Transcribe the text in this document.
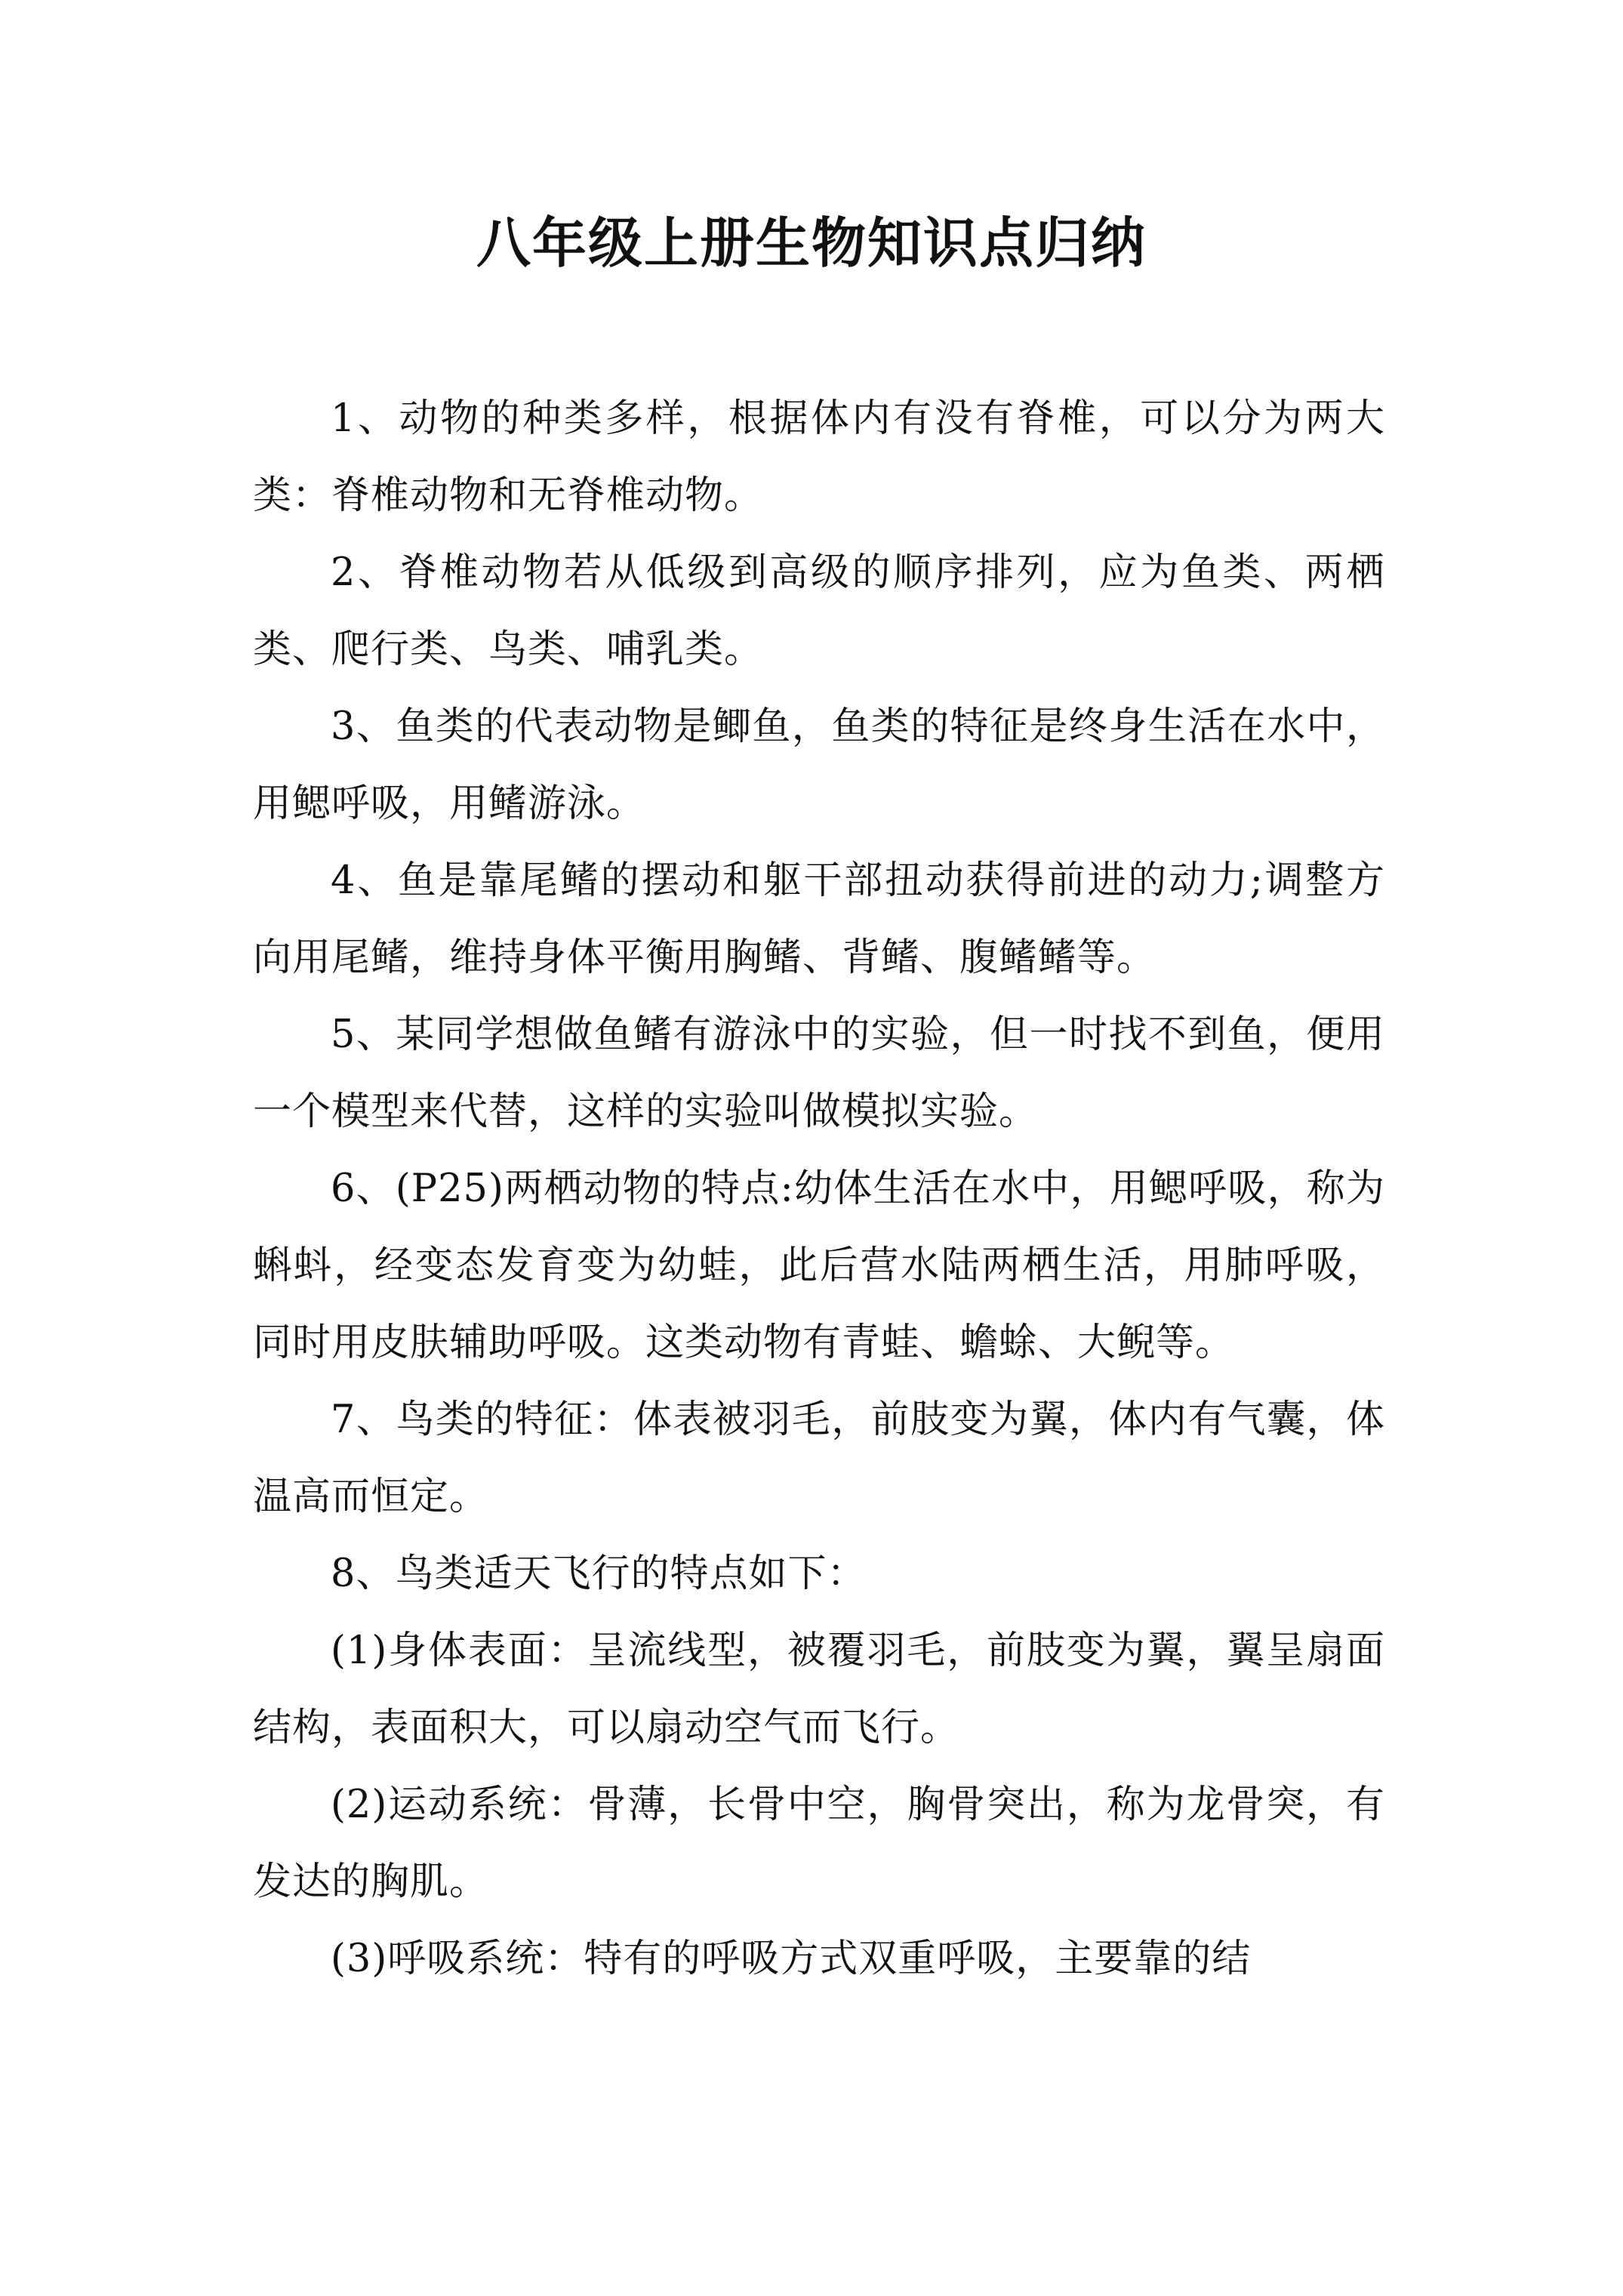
八年级上册生物知识点归纳

1、动物的种类多样，根据体内有没有脊椎，可以分为两大类：脊椎动物和无脊椎动物。

2、脊椎动物若从低级到高级的顺序排列，应为鱼类、两栖类、爬行类、鸟类、哺乳类。

3、鱼类的代表动物是鲫鱼，鱼类的特征是终身生活在水中，用鳃呼吸，用鳍游泳。

4、鱼是靠尾鳍的摆动和躯干部扭动获得前进的动力;调整方向用尾鳍，维持身体平衡用胸鳍、背鳍、腹鳍鳍等。

5、某同学想做鱼鳍有游泳中的实验，但一时找不到鱼，便用一个模型来代替，这样的实验叫做模拟实验。

6、(P25)两栖动物的特点:幼体生活在水中，用鳃呼吸，称为蝌蚪，经变态发育变为幼蛙，此后营水陆两栖生活，用肺呼吸，同时用皮肤辅助呼吸。这类动物有青蛙、蟾蜍、大鲵等。

7、鸟类的特征：体表被羽毛，前肢变为翼，体内有气囊，体温高而恒定。

8、鸟类适天飞行的特点如下：

(1)身体表面：呈流线型，被覆羽毛，前肢变为翼，翼呈扇面结构，表面积大，可以扇动空气而飞行。

(2)运动系统：骨薄，长骨中空，胸骨突出，称为龙骨突，有发达的胸肌。

(3)呼吸系统：特有的呼吸方式双重呼吸，主要靠的结
